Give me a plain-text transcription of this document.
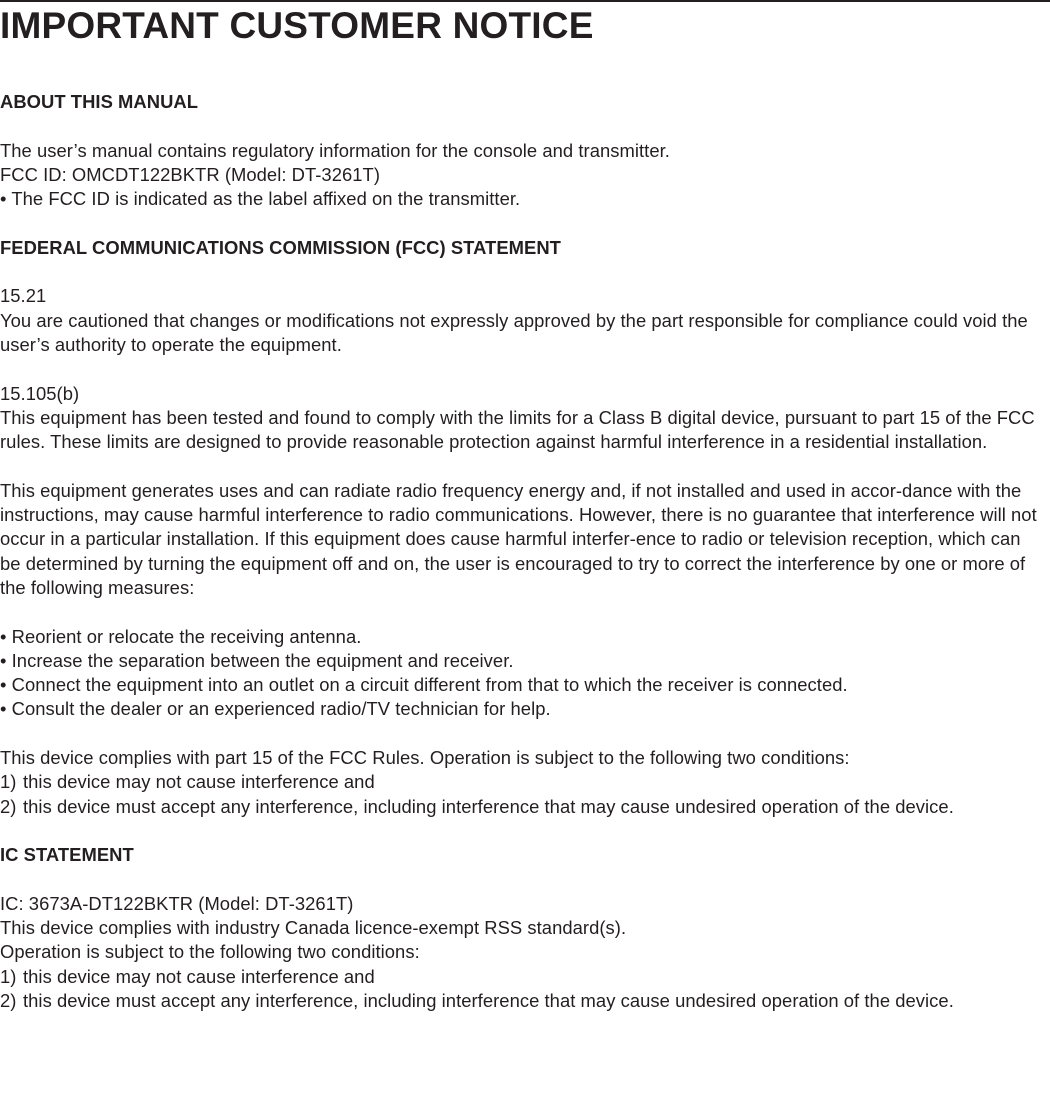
IMPORTANT CUSTOMER NOTICE
ABOUT THIS MANUAL

The user’s manual contains regulatory information for the console and transmitter.

FCC ID: OMCDT122BKTR (Model: DT-3261T)

• The FCC ID is indicated as the label affixed on the transmitter.

FEDERAL COMMUNICATIONS COMMISSION (FCC) STATEMENT

15.21

You are cautioned that changes or modifications not expressly approved by the part responsible for compliance could void the user’s authority to operate the equipment.

15.105(b)

This equipment has been tested and found to comply with the limits for a Class B digital device, pursuant to part 15 of the FCC rules. These limits are designed to provide reasonable protection against harmful interference in a residential installation.

This equipment generates uses and can radiate radio frequency energy and, if not installed and used in accor-dance with the instructions, may cause harmful interference to radio communications. However, there is no guarantee that interference will not occur in a particular installation. If this equipment does cause harmful interfer-ence to radio or television reception, which can be determined by turning the equipment off and on, the user is encouraged to try to correct the interference by one or more of the following measures:

• Reorient or relocate the receiving antenna.
• Increase the separation between the equipment and receiver.
• Connect the equipment into an outlet on a circuit different from that to which the receiver is connected.
• Consult the dealer or an experienced radio/TV technician for help.

This device complies with part 15 of the FCC Rules. Operation is subject to the following two conditions:

1) this device may not cause interference and
2) this device must accept any interference, including interference that may cause undesired operation of the device.
IC STATEMENT

IC: 3673A-DT122BKTR (Model: DT-3261T)

This device complies with industry Canada licence-exempt RSS standard(s).

Operation is subject to the following two conditions:

1) this device may not cause interference and
2) this device must accept any interference, including interference that may cause undesired operation of the device.
